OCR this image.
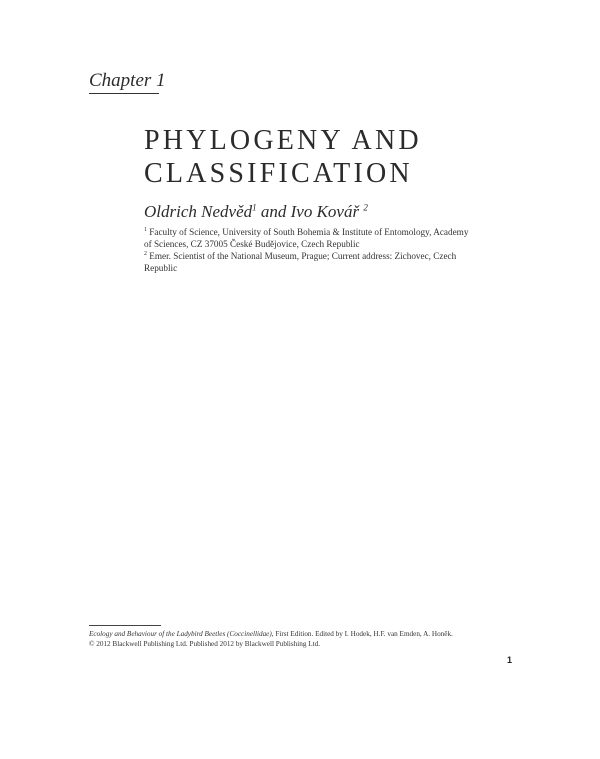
Chapter 1
PHYLOGENY AND
CLASSIFICATION
Oldrich Nedvěd$^1$ and Ivo Kovář $^2$
$^1$ Faculty of Science, University of South Bohemia & Institute of Entomology, Academy of Sciences, CZ 37005 České Budějovice, Czech Republic
$^2$ Emer. Scientist of the National Museum, Prague; Current address: Zichovec, Czech Republic
Ecology and Behaviour of the Ladybird Beetles (Coccinellidae), First Edition. Edited by I. Hodek, H.F. van Emden, A. Honěk.
© 2012 Blackwell Publishing Ltd. Published 2012 by Blackwell Publishing Ltd.
1
